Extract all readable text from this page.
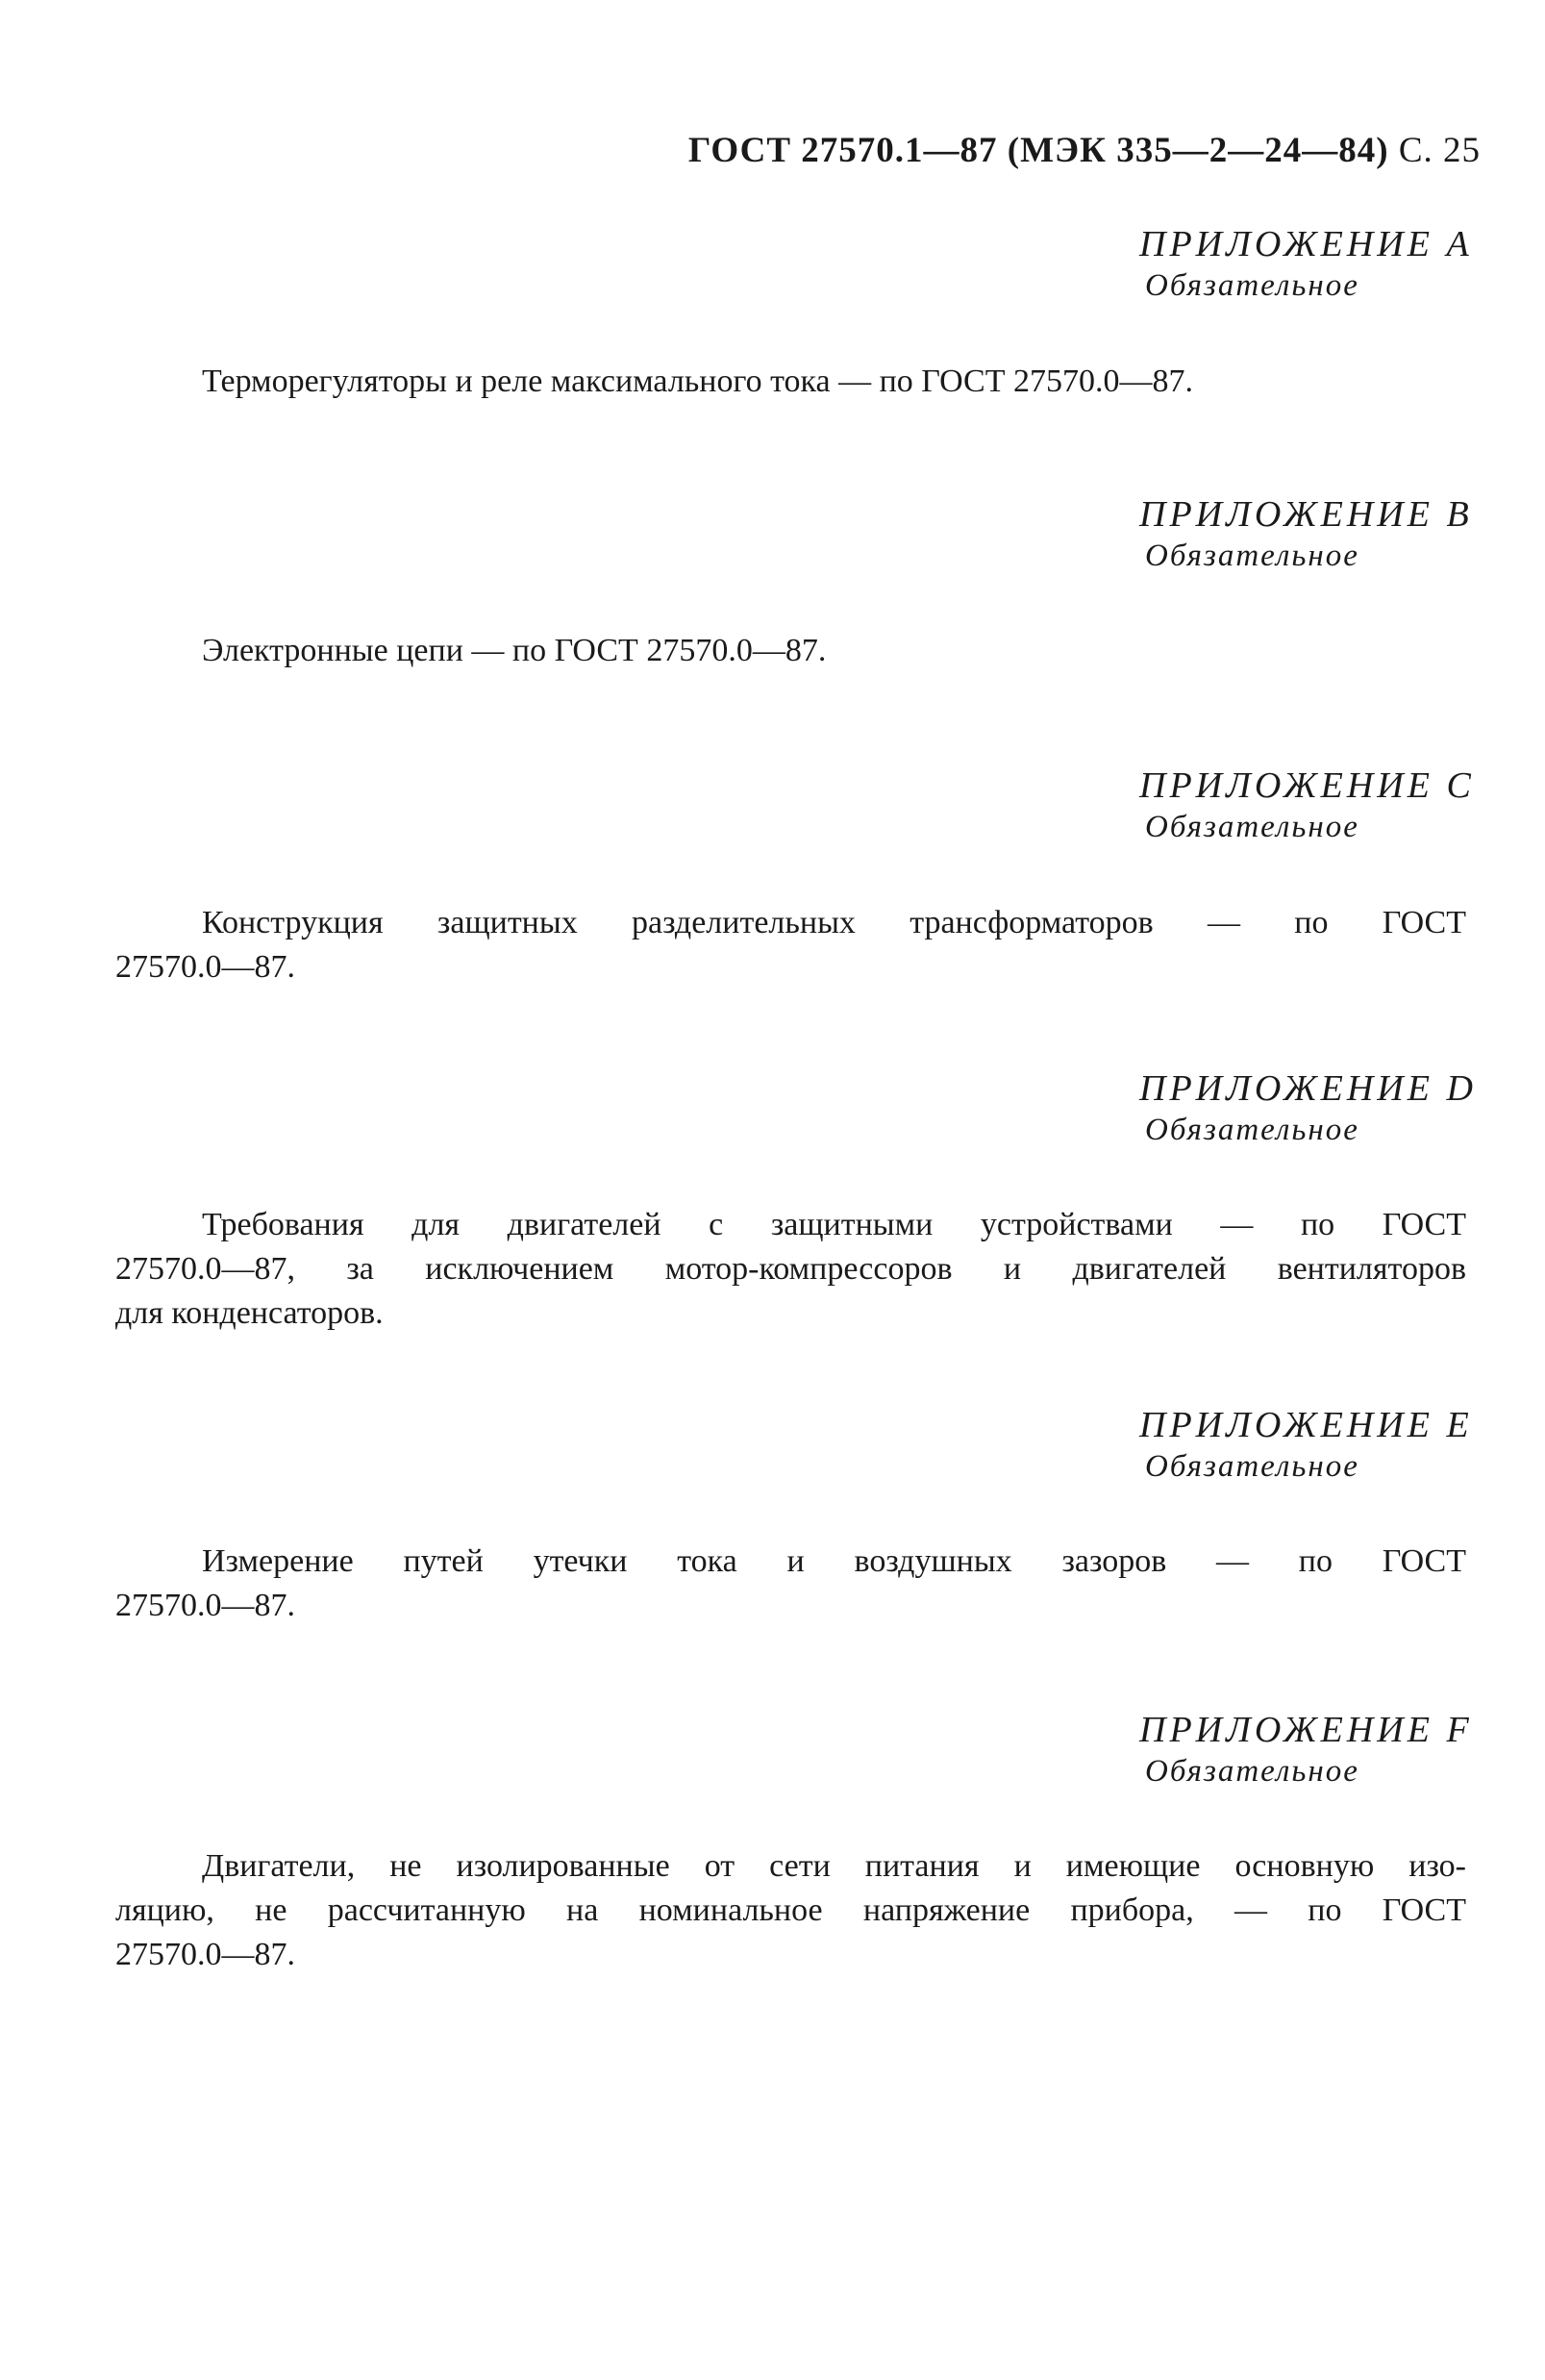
ГОСТ 27570.1—87 (МЭК 335—2—24—84) С. 25
ПРИЛОЖЕНИЕ А
Обязательное
Терморегуляторы и реле максимального тока — по ГОСТ 27570.0—87.
ПРИЛОЖЕНИЕ В
Обязательное
Электронные цепи — по ГОСТ 27570.0—87.
ПРИЛОЖЕНИЕ С
Обязательное
Конструкция защитных разделительных трансформаторов — по ГОСТ
27570.0—87.
ПРИЛОЖЕНИЕ D
Обязательное
Требования для двигателей с защитными устройствами — по ГОСТ
27570.0—87, за исключением мотор-компрессоров и двигателей вентиляторов
для конденсаторов.
ПРИЛОЖЕНИЕ Е
Обязательное
Измерение путей утечки тока и воздушных зазоров — по ГОСТ
27570.0—87.
ПРИЛОЖЕНИЕ F
Обязательное
Двигатели, не изолированные от сети питания и имеющие основную изо-
ляцию, не рассчитанную на номинальное напряжение прибора, — по ГОСТ
27570.0—87.
